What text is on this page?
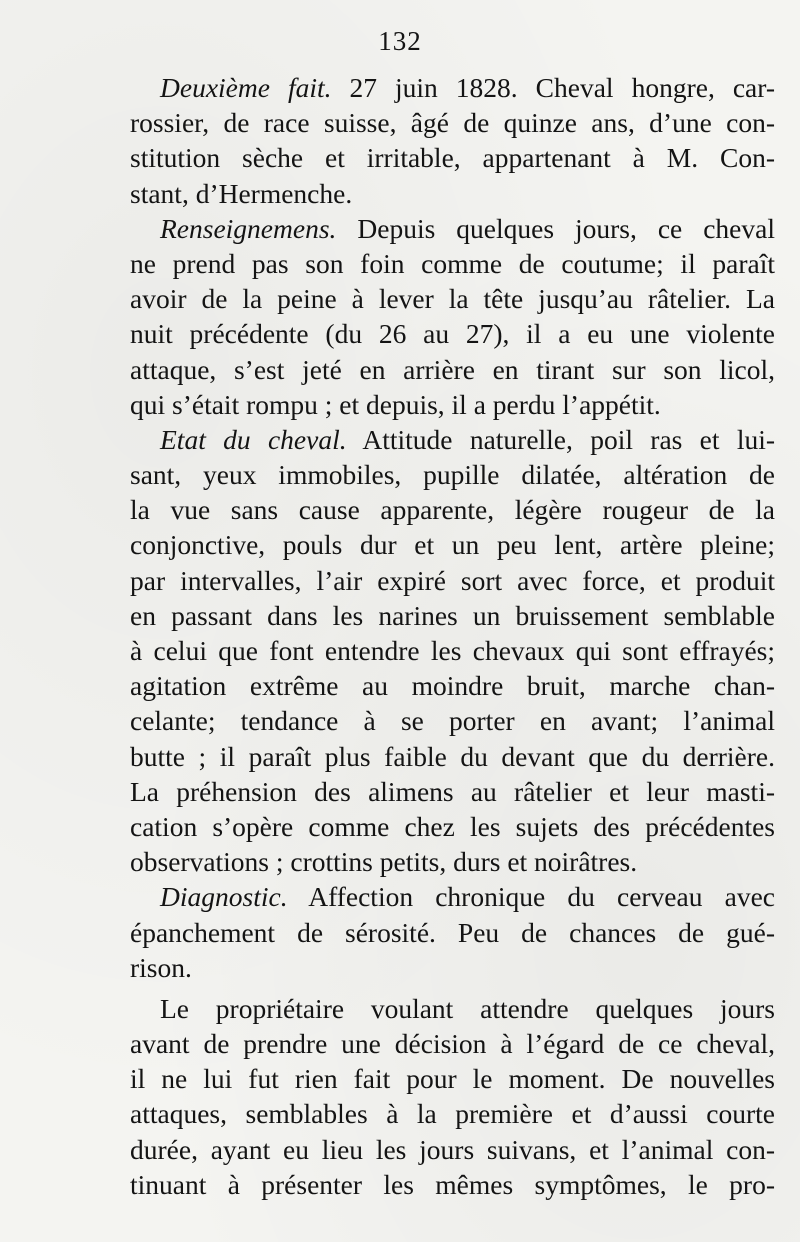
132
Deuxième fait. 27 juin 1828. Cheval hongre, car-
rossier, de race suisse, âgé de quinze ans, d’une con-
stitution sèche et irritable, appartenant à M. Con-
stant, d’Hermenche.
Renseignemens. Depuis quelques jours, ce cheval
ne prend pas son foin comme de coutume; il paraît
avoir de la peine à lever la tête jusqu’au râtelier. La
nuit précédente (du 26 au 27), il a eu une violente
attaque, s’est jeté en arrière en tirant sur son licol,
qui s’était rompu ; et depuis, il a perdu l’appétit.
Etat du cheval. Attitude naturelle, poil ras et lui-
sant, yeux immobiles, pupille dilatée, altération de
la vue sans cause apparente, légère rougeur de la
conjonctive, pouls dur et un peu lent, artère pleine;
par intervalles, l’air expiré sort avec force, et produit
en passant dans les narines un bruissement semblable
à celui que font entendre les chevaux qui sont effrayés;
agitation extrême au moindre bruit, marche chan-
celante; tendance à se porter en avant; l’animal
butte ; il paraît plus faible du devant que du derrière.
La préhension des alimens au râtelier et leur masti-
cation s’opère comme chez les sujets des précédentes
observations ; crottins petits, durs et noirâtres.
Diagnostic. Affection chronique du cerveau avec
épanchement de sérosité. Peu de chances de gué-
rison.
Le propriétaire voulant attendre quelques jours
avant de prendre une décision à l’égard de ce cheval,
il ne lui fut rien fait pour le moment. De nouvelles
attaques, semblables à la première et d’aussi courte
durée, ayant eu lieu les jours suivans, et l’animal con-
tinuant à présenter les mêmes symptômes, le pro-
